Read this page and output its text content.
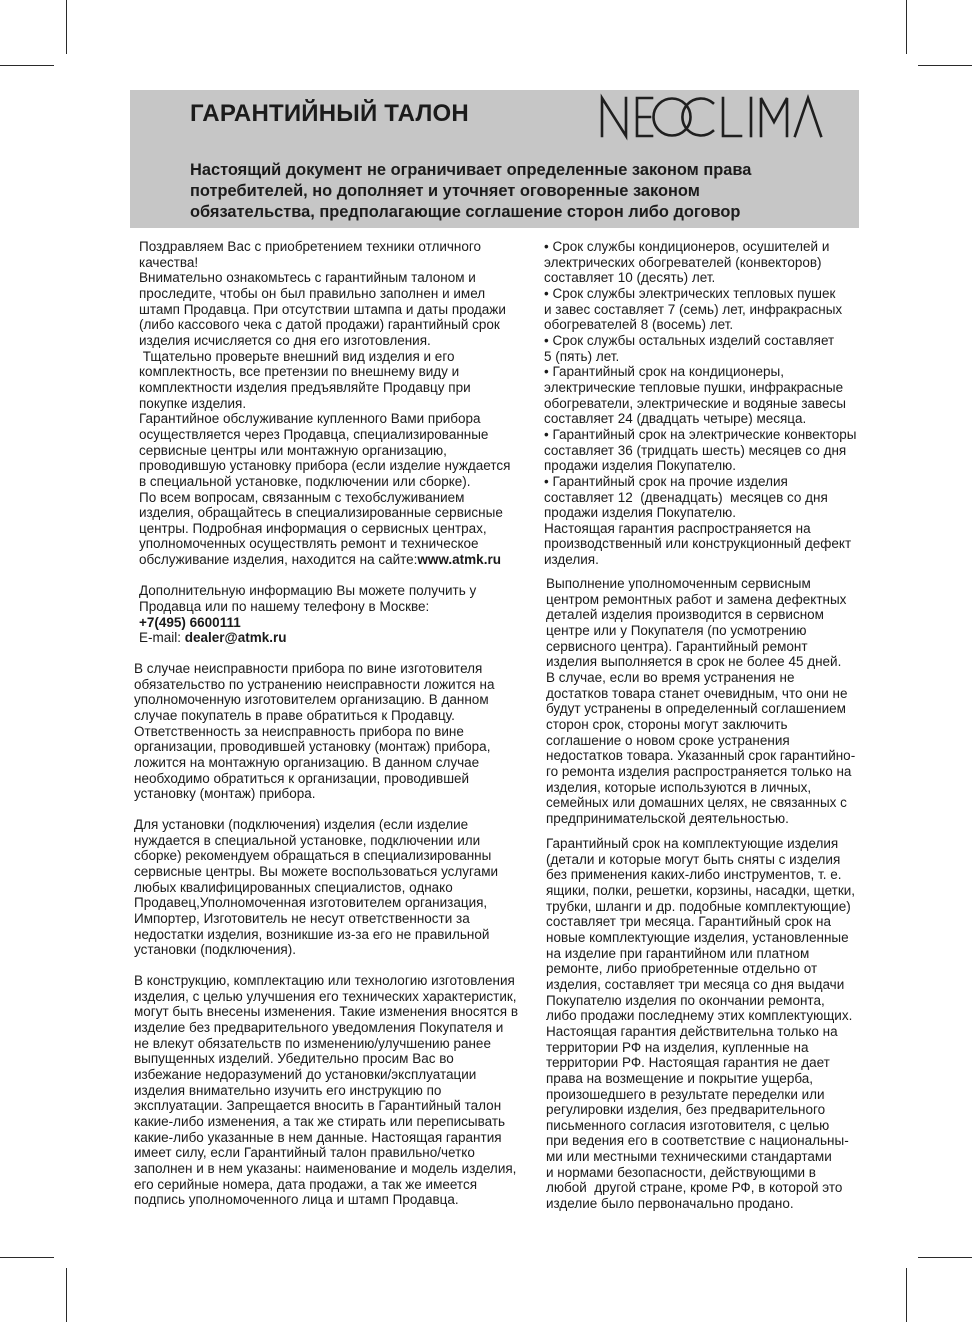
ГАРАНТИЙНЫЙ ТАЛОН
Настоящий документ не ограничивает определенные законом права
потребителей, но дополняет и уточняет оговоренные законом
обязательства, предполагающие соглашение сторон либо договор
Поздравляем Вас с приобретением техники отличного
качества!
Внимательно ознакомьтесь с гарантийным талоном и
проследите, чтобы он был правильно заполнен и имел
штамп Продавца. При отсутствии штампа и даты продажи
(либо кассового чека с датой продажи) гарантийный срок
изделия исчисляется со дня его изготовления.
Тщательно проверьте внешний вид изделия и его
комплектность, все претензии по внешнему виду и
комплектности изделия предъявляйте Продавцу при
покупке изделия.
Гарантийное обслуживание купленного Вами прибора
осуществляется через Продавца, специализированные
сервисные центры или монтажную организацию,
проводившую установку прибора (если изделие нуждается
в специальной установке, подключении или сборке).
По всем вопросам, связанным с техобслуживанием
изделия, обращайтесь в специализированные сервисные
центры. Подробная информация о сервисных центрах,
уполномоченных осуществлять ремонт и техническое
обслуживание изделия, находится на сайте:www.atmk.ru
Дополнительную информацию Вы можете получить у
Продавца или по нашему телефону в Москве:
+7(495) 6600111
E-mail: dealer@atmk.ru
В случае неисправности прибора по вине изготовителя
обязательство по устранению неисправности ложится на
уполномоченную изготовителем организацию. В данном
случае покупатель в праве обратиться к Продавцу.
Ответственность за неисправность прибора по вине
организации, проводившей установку (монтаж) прибора,
ложится на монтажную организацию. В данном случае
необходимо обратиться к организации, проводившей
установку (монтаж) прибора.
Для установки (подключения) изделия (если изделие
нуждается в специальной установке, подключении или
сборке) рекомендуем обращаться в специализированны
сервисные центры. Вы можете воспользоваться услугами
любых квалифицированных специалистов, однако
Продавец,Уполномоченная изготовителем организация,
Импортер, Изготовитель не несут ответственности за
недостатки изделия, возникшие из-за его не правильной
установки (подключения).
В конструкцию, комплектацию или технологию изготовления
изделия, с целью улучшения его технических характеристик,
могут быть внесены изменения. Такие изменения вносятся в
изделие без предварительного уведомления Покупателя и
не влекут обязательств по изменению/улучшению ранее
выпущенных изделий. Убедительно просим Вас во
избежание недоразумений до установки/эксплуатации
изделия внимательно изучить его инструкцию по
эксплуатации. Запрещается вносить в Гарантийный талон
какие-либо изменения, а так же стирать или переписывать
какие-либо указанные в нем данные. Настоящая гарантия
имеет силу, если Гарантийный талон правильно/четко
заполнен и в нем указаны: наименование и модель изделия,
его серийные номера, дата продажи, а так же имеется
подпись уполномоченного лица и штамп Продавца.
• Срок службы кондиционеров, осушителей и
электрических обогревателей (конвекторов)
составляет 10 (десять) лет.
• Срок службы электрических тепловых пушек
и завес составляет 7 (семь) лет, инфракрасных
обогревателей 8 (восемь) лет.
• Срок службы остальных изделий составляет
5 (пять) лет.
• Гарантийный срок на кондиционеры,
электрические тепловые пушки, инфракрасные
обогреватели, электрические и водяные завесы
составляет 24 (двадцать четыре) месяца.
• Гарантийный срок на электрические конвекторы
составляет 36 (тридцать шесть) месяцев со дня
продажи изделия Покупателю.
• Гарантийный срок на прочие изделия
составляет 12  (двенадцать)  месяцев со дня
продажи изделия Покупателю.
Настоящая гарантия распространяется на
производственный или конструкционный дефект
изделия.
Выполнение уполномоченным сервисным
центром ремонтных работ и замена дефектных
деталей изделия производится в сервисном
центре или у Покупателя (по усмотрению
сервисного центра). Гарантийный ремонт
изделия выполняется в срок не более 45 дней.
В случае, если во время устранения не
достатков товара станет очевидным, что они не
будут устранены в определенный соглашением
сторон срок, стороны могут заключить
соглашение о новом сроке устранения
недостатков товара. Указанный срок гарантийно-
го ремонта изделия распространяется только на
изделия, которые используются в личных,
семейных или домашних целях, не связанных с
предпринимательской деятельностью.
Гарантийный срок на комплектующие изделия
(детали и которые могут быть сняты с изделия
без применения каких-либо инструментов, т. е.
ящики, полки, решетки, корзины, насадки, щетки,
трубки, шланги и др. подобные комплектующие)
составляет три месяца. Гарантийный срок на
новые комплектующие изделия, установленные
на изделие при гарантийном или платном
ремонте, либо приобретенные отдельно от
изделия, составляет три месяца со дня выдачи
Покупателю изделия по окончании ремонта,
либо продажи последнему этих комплектующих.
Настоящая гарантия действительна только на
территории РФ на изделия, купленные на
территории РФ. Настоящая гарантия не дает
права на возмещение и покрытие ущерба,
произошедшего в результате переделки или
регулировки изделия, без предварительного
письменного согласия изготовителя, с целью
при ведения его в соответствие с национальны-
ми или местными техническими стандартами
и нормами безопасности, действующими в
любой  другой стране, кроме РФ, в которой это
изделие было первоначально продано.
